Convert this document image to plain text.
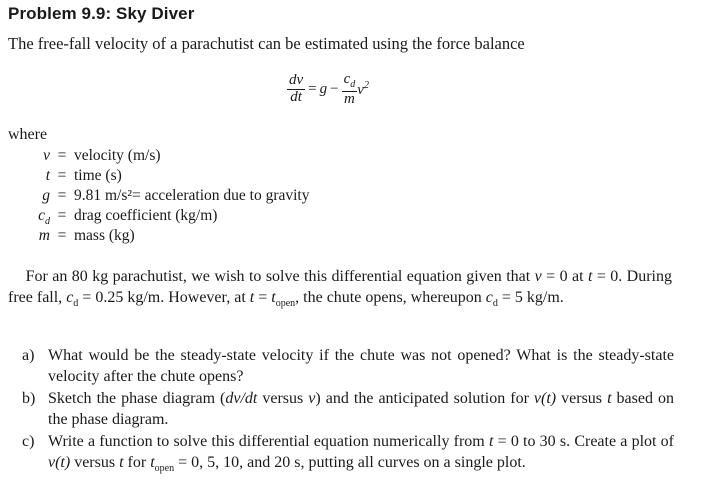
Problem 9.9: Sky Diver
The free-fall velocity of a parachutist can be estimated using the force balance
$\frac{dv}{dt} = g - \frac{c_d}{m} v^2$
where
v = velocity (m/s)
t = time (s)
g = 9.81 m/s²= acceleration due to gravity
$c_d$ = drag coefficient (kg/m)
m = mass (kg)
For an 80 kg parachutist, we wish to solve this differential equation given that v = 0 at t = 0. During free fall, $c_d = 0.25$ kg/m. However, at $t = t_{open}$, the chute opens, whereupon $c_d = 5$ kg/m.
a) What would be the steady-state velocity if the chute was not opened? What is the steady-state velocity after the chute opens?
b) Sketch the phase diagram (dv/dt versus v) and the anticipated solution for v(t) versus t based on the phase diagram.
c) Write a function to solve this differential equation numerically from t = 0 to 30 s. Create a plot of v(t) versus t for $t_{open} = 0$, 5, 10, and 20 s, putting all curves on a single plot.
